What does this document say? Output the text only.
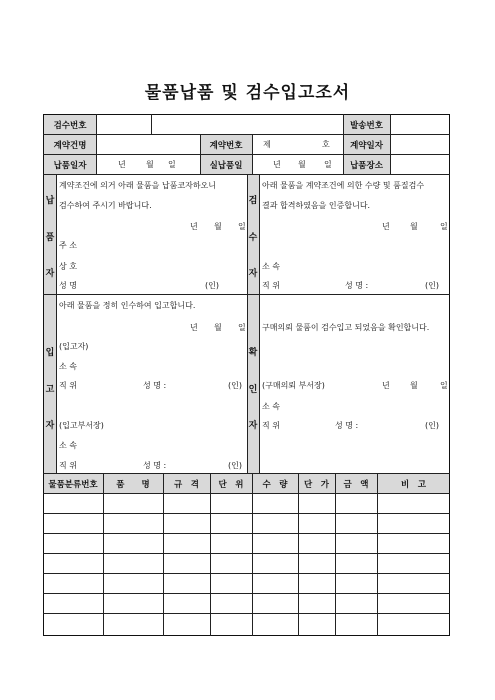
물품납품 및 검수입고조서
검수번호	발송번호
계약건명	계약번호	제	호	계약일자
납품일자	년	월 일	실납품일	년 월 일	납품장소
납
품
자
계약조건에 의거 아래 물품을 납품코자하오니
검수하여 주시기 바랍니다.
년 월 일
주 소
상 호
성 명	(인)
검
수
자
아래 물품을 계약조건에 의한 수량 및 품질검수
결과 합격하였음을 인증합니다.
년	월	일
소 속
직 위	성 명 :	(인)
입
고
자
아래 물품을 정히 인수하여 입고합니다.
년 월 일
(입고자)
소 속
직 위	성 명 :	(인)
(입고부서장)
소 속
직 위	성 명 :	(인)
확
인
자
구매의뢰 물품이 검수입고 되었음을 확인합니다.
(구매의뢰 부서장)	년	월	일
소 속
직 위	성 명 :	(인)
물품분류번호	품　　명	규　격	단　위	수　량	단　가	금　액	비　고
